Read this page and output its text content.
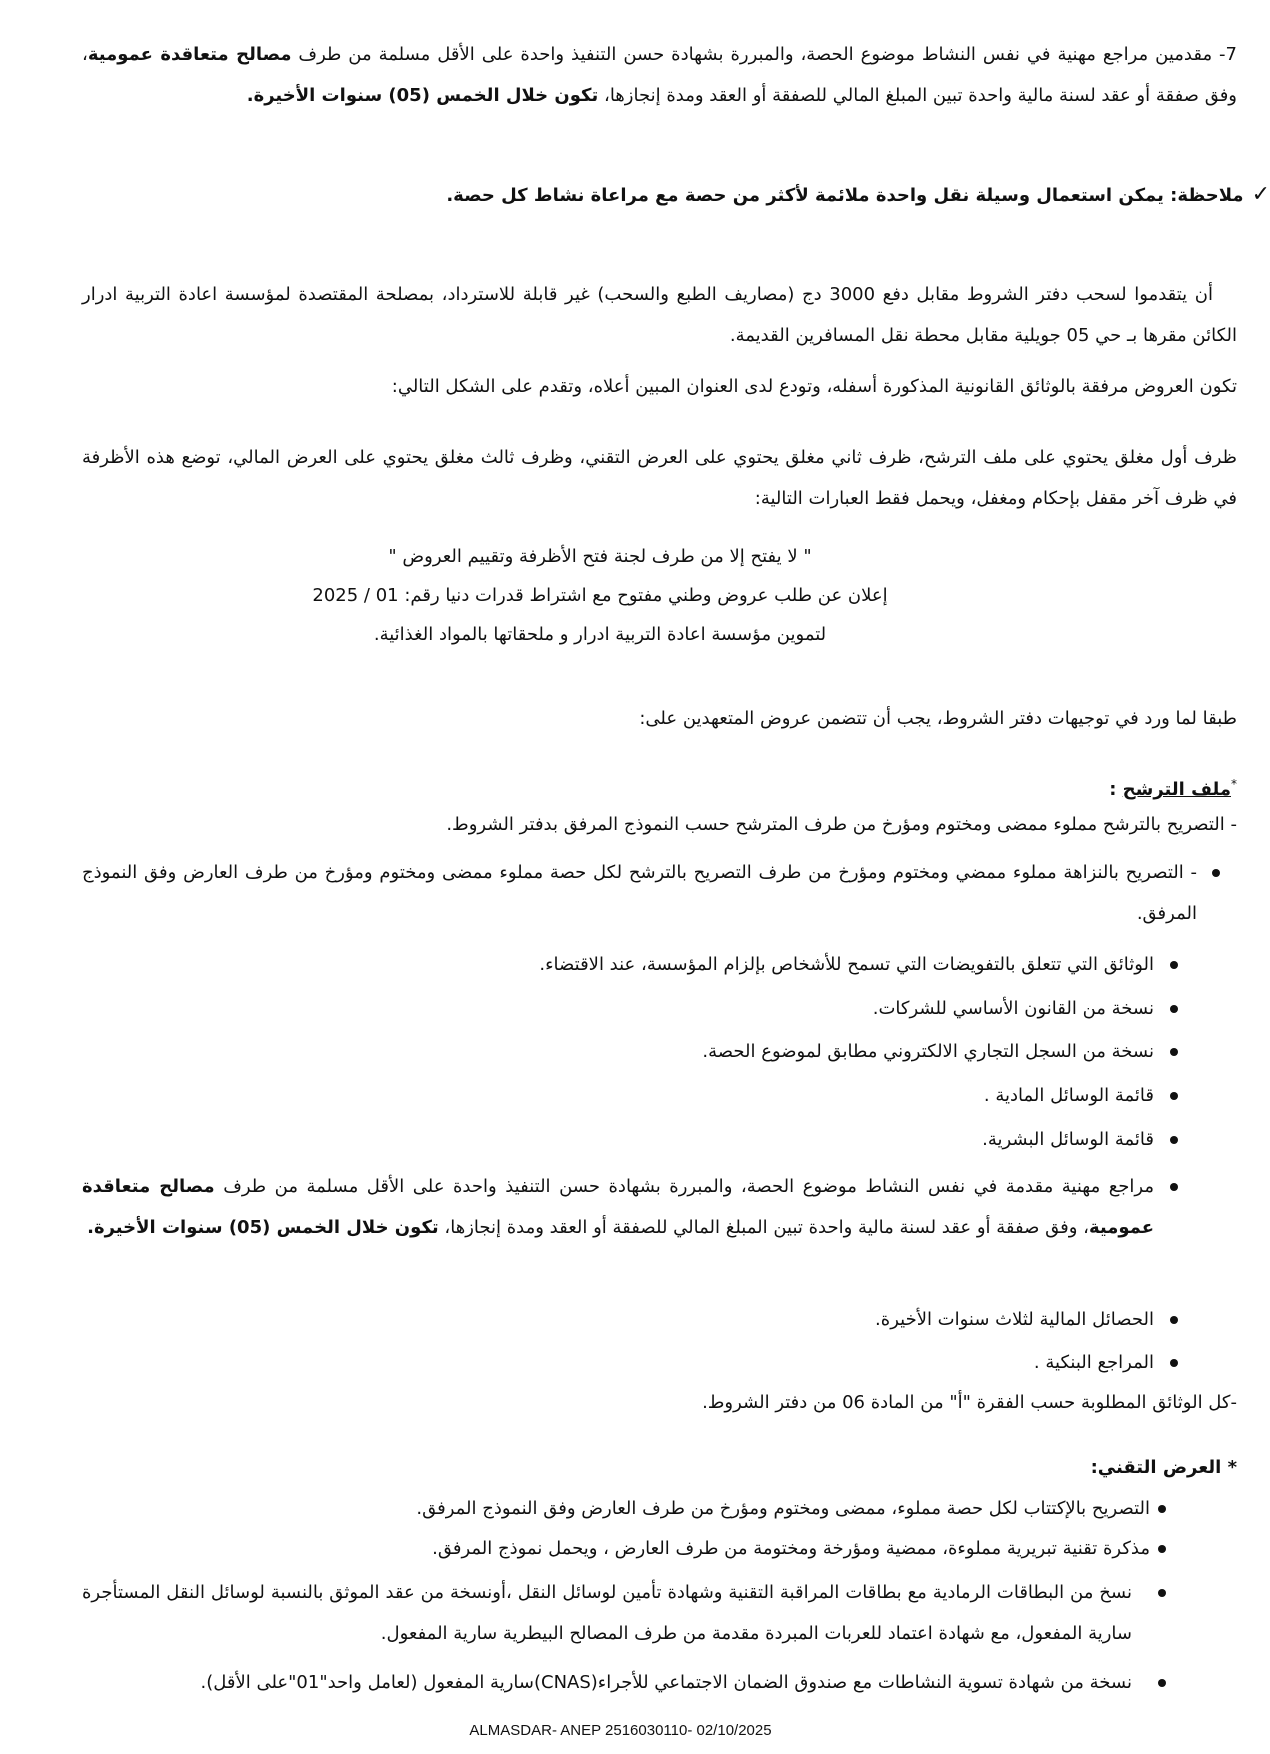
7- مقدمين مراجع مهنية في نفس النشاط موضوع الحصة، والمبررة بشهادة حسن التنفيذ واحدة على الأقل مسلمة من طرف مصالح متعاقدة عمومية، وفق صفقة أو عقد لسنة مالية واحدة تبين المبلغ المالي للصفقة أو العقد ومدة إنجازها، تكون خلال الخمس (05) سنوات الأخيرة.
✓ملاحظة: يمكن استعمال وسيلة نقل واحدة ملائمة لأكثر من حصة مع مراعاة نشاط كل حصة.
أن يتقدموا لسحب دفتر الشروط مقابل دفع 3000 دج (مصاريف الطبع والسحب) غير قابلة للاسترداد، بمصلحة المقتصدة لمؤسسة اعادة التربية ادرار الكائن مقرها بـ حي 05 جويلية مقابل محطة نقل المسافرين القديمة.
تكون العروض مرفقة بالوثائق القانونية المذكورة أسفله، وتودع لدى العنوان المبين أعلاه، وتقدم على الشكل التالي:
ظرف أول مغلق يحتوي على ملف الترشح، ظرف ثاني مغلق يحتوي على العرض التقني، وظرف ثالث مغلق يحتوي على العرض المالي، توضع هذه الأظرفة في ظرف آخر مقفل بإحكام ومغفل، ويحمل فقط العبارات التالية:
" لا يفتح إلا من طرف لجنة فتح الأظرفة وتقييم العروض "
إعلان عن طلب عروض وطني مفتوح مع اشتراط قدرات دنيا رقم: 01 / 2025
لتموين مؤسسة اعادة التربية ادرار و ملحقاتها بالمواد الغذائية.
طبقا لما ورد في توجيهات دفتر الشروط، يجب أن تتضمن عروض المتعهدين على:
*ملف الترشح :
- التصريح بالترشح مملوء ممضى ومختوم ومؤرخ من طرف المترشح حسب النموذج المرفق بدفتر الشروط.
- التصريح بالنزاهة مملوء ممضي ومختوم ومؤرخ من طرف التصريح بالترشح لكل حصة مملوء ممضى ومختوم ومؤرخ من طرف العارض وفق النموذج المرفق.
الوثائق التي تتعلق بالتفويضات التي تسمح للأشخاص بإلزام المؤسسة، عند الاقتضاء.
نسخة من القانون الأساسي للشركات.
نسخة من السجل التجاري الالكتروني مطابق لموضوع الحصة.
قائمة الوسائل المادية .
قائمة الوسائل البشرية.
مراجع مهنية مقدمة في نفس النشاط موضوع الحصة، والمبررة بشهادة حسن التنفيذ واحدة على الأقل مسلمة من طرف مصالح متعاقدة عمومية، وفق صفقة أو عقد لسنة مالية واحدة تبين المبلغ المالي للصفقة أو العقد ومدة إنجازها، تكون خلال الخمس (05) سنوات الأخيرة.
الحصائل المالية لثلاث سنوات الأخيرة.
المراجع البنكية .
-كل الوثائق المطلوبة حسب الفقرة "أ" من المادة 06 من دفتر الشروط.
* العرض التقني:
التصريح بالإكتتاب لكل حصة مملوء، ممضى ومختوم ومؤرخ من طرف العارض وفق النموذج المرفق.
مذكرة تقنية تبريرية مملوءة، ممضية ومؤرخة ومختومة من طرف العارض ، ويحمل نموذج المرفق.
نسخ من البطاقات الرمادية مع بطاقات المراقبة التقنية وشهادة تأمين لوسائل النقل ،أونسخة من عقد الموثق بالنسبة لوسائل النقل المستأجرة سارية المفعول، مع شهادة اعتماد للعربات المبردة مقدمة من طرف المصالح البيطرية سارية المفعول.
نسخة من شهادة تسوية النشاطات مع صندوق الضمان الاجتماعي للأجراء(CNAS)سارية المفعول (لعامل واحد"01"على الأقل).
ALMASDAR- ANEP 2516030110- 02/10/2025
